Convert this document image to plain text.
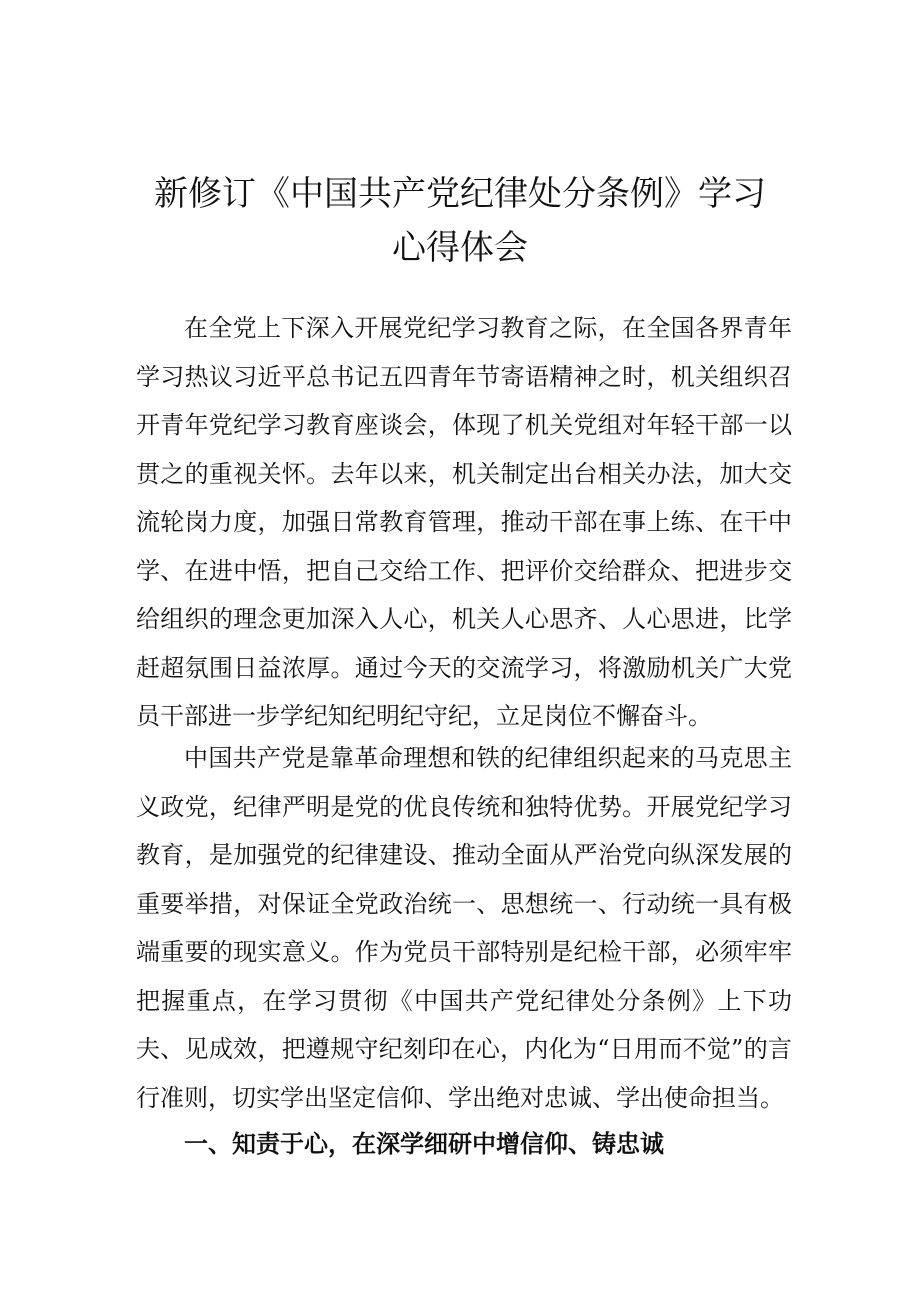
新修订《中国共产党纪律处分条例》学习
心得体会

在全党上下深入开展党纪学习教育之际，在全国各界青年学习热议习近平总书记五四青年节寄语精神之时，机关组织召开青年党纪学习教育座谈会，体现了机关党组对年轻干部一以贯之的重视关怀。去年以来，机关制定出台相关办法，加大交流轮岗力度，加强日常教育管理，推动干部在事上练、在干中学、在进中悟，把自己交给工作、把评价交给群众、把进步交给组织的理念更加深入人心，机关人心思齐、人心思进，比学赶超氛围日益浓厚。通过今天的交流学习，将激励机关广大党员干部进一步学纪知纪明纪守纪，立足岗位不懈奋斗。

中国共产党是靠革命理想和铁的纪律组织起来的马克思主义政党，纪律严明是党的优良传统和独特优势。开展党纪学习教育，是加强党的纪律建设、推动全面从严治党向纵深发展的重要举措，对保证全党政治统一、思想统一、行动统一具有极端重要的现实意义。作为党员干部特别是纪检干部，必须牢牢把握重点，在学习贯彻《中国共产党纪律处分条例》上下功夫、见成效，把遵规守纪刻印在心，内化为“日用而不觉”的言行准则，切实学出坚定信仰、学出绝对忠诚、学出使命担当。

一、知责于心，在深学细研中增信仰、铸忠诚
